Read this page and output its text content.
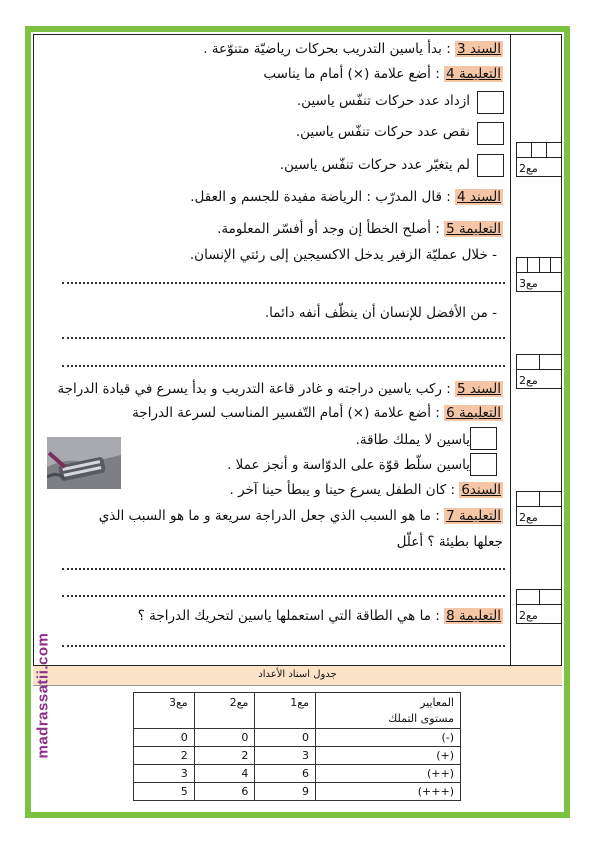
السند 3 : بدأ ياسين التدريب بحركات رياضيّة متنوّعة .
التعليمة 4 : أضع علامة (×) أمام ما يناسب
ازداد عدد حركات تنفّس ياسين.
نقص عدد حركات تنفّس ياسين.
لم يتغيّر عدد حركات تنفّس ياسين.
السند 4 : قال المدرّب : الرياضة مفيدة للجسم و العقل.
التعليمة 5 : أصلح الخطأ إن وجد أو أفسّر المعلومة.
- خلال عمليّة الزفير يدخل الاكسيجين إلى رئتي الإنسان.
- من الأفضل للإنسان أن ينظّف أنفه دائما.
السند 5 : ركب ياسين دراجته و غادر قاعة التدريب و بدأ يسرع في قيادة الدراجة
التعليمة 6 : أضع علامة (×) أمام التّفسير المناسب لسرعة الدراجة
ياسين لا يملك طاقة.
ياسين سلّط قوّة على الدوّاسة و أنجز عملا .
السند6 : كان الطفل يسرع حينا و يبطأ حينا آخر .
التعليمة 7 : ما هو السبب الذي جعل الدراجة سريعة و ما هو السبب الذي
جعلها بطيئة ؟ أعلّل
التعليمة 8 : ما هي الطاقة التي استعملها ياسين لتحريك الدراجة ؟
مع2
مع3
مع2
مع2
مع2
جدول اسناد الأعداد
المعايير
مستوى التملك	مع1	مع2	مع3
(-)	0	0	0
(+)	3	2	2
(++)	6	4	3
(+++)	9	6	5
madrassatii.com
